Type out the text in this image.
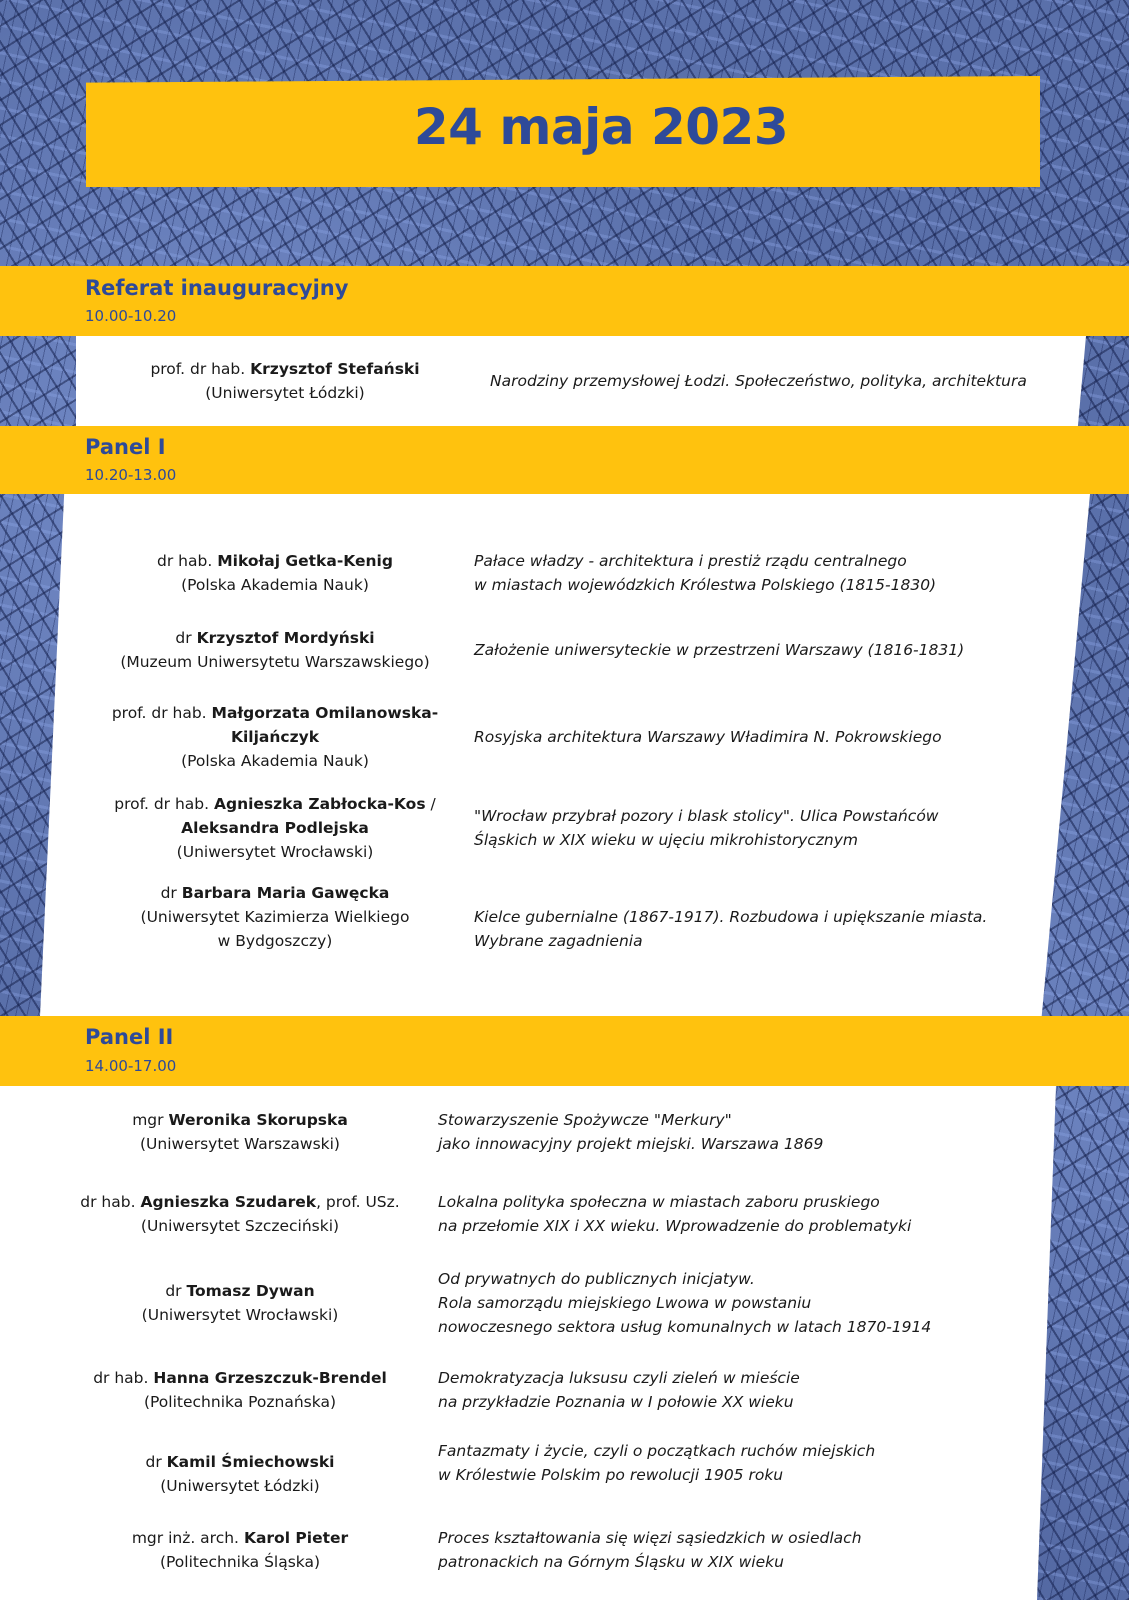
24 maja 2023
Referat inauguracyjny
10.00-10.20
prof. dr hab. Krzysztof Stefański
(Uniwersytet Łódzki)
Narodziny przemysłowej Łodzi. Społeczeństwo, polityka, architektura
Panel I
10.20-13.00
dr hab. Mikołaj Getka-Kenig
(Polska Akademia Nauk)
Pałace władzy - architektura i prestiż rządu centralnego
w miastach wojewódzkich Królestwa Polskiego (1815-1830)
dr Krzysztof Mordyński
(Muzeum Uniwersytetu Warszawskiego)
Założenie uniwersyteckie w przestrzeni Warszawy (1816-1831)
prof. dr hab. Małgorzata Omilanowska-
Kiljańczyk
(Polska Akademia Nauk)
Rosyjska architektura Warszawy Władimira N. Pokrowskiego
prof. dr hab. Agnieszka Zabłocka-Kos /
Aleksandra Podlejska
(Uniwersytet Wrocławski)
"Wrocław przybrał pozory i blask stolicy". Ulica Powstańców
Śląskich w XIX wieku w ujęciu mikrohistorycznym
dr Barbara Maria Gawęcka
(Uniwersytet Kazimierza Wielkiego
w Bydgoszczy)
Kielce gubernialne (1867-1917). Rozbudowa i upiększanie miasta.
Wybrane zagadnienia
Panel II
14.00-17.00
mgr Weronika Skorupska
(Uniwersytet Warszawski)
Stowarzyszenie Spożywcze "Merkury"
jako innowacyjny projekt miejski. Warszawa 1869
dr hab. Agnieszka Szudarek, prof. USz.
(Uniwersytet Szczeciński)
Lokalna polityka społeczna w miastach zaboru pruskiego
na przełomie XIX i XX wieku. Wprowadzenie do problematyki
dr Tomasz Dywan
(Uniwersytet Wrocławski)
Od prywatnych do publicznych inicjatyw.
Rola samorządu miejskiego Lwowa w powstaniu
nowoczesnego sektora usług komunalnych w latach 1870-1914
dr hab. Hanna Grzeszczuk-Brendel
(Politechnika Poznańska)
Demokratyzacja luksusu czyli zieleń w mieście
na przykładzie Poznania w I połowie XX wieku
dr Kamil Śmiechowski
(Uniwersytet Łódzki)
Fantazmaty i życie, czyli o początkach ruchów miejskich
w Królestwie Polskim po rewolucji 1905 roku
mgr inż. arch. Karol Pieter
(Politechnika Śląska)
Proces kształtowania się więzi sąsiedzkich w osiedlach
patronackich na Górnym Śląsku w XIX wieku
